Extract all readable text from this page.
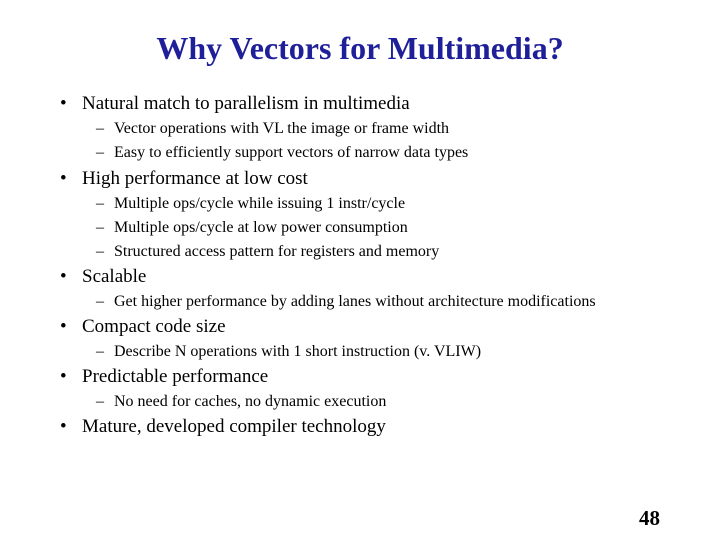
Why Vectors for Multimedia?
• Natural match to parallelism in multimedia
– Vector operations with VL the image or frame width
– Easy to efficiently support vectors of narrow data types
• High performance at low cost
– Multiple ops/cycle while issuing 1 instr/cycle
– Multiple ops/cycle at low power consumption
– Structured access pattern for registers and memory
• Scalable
– Get higher performance by adding lanes without architecture modifications
• Compact code size
– Describe N operations with 1 short instruction (v. VLIW)
• Predictable performance
– No need for caches, no dynamic execution
• Mature, developed compiler technology
48
